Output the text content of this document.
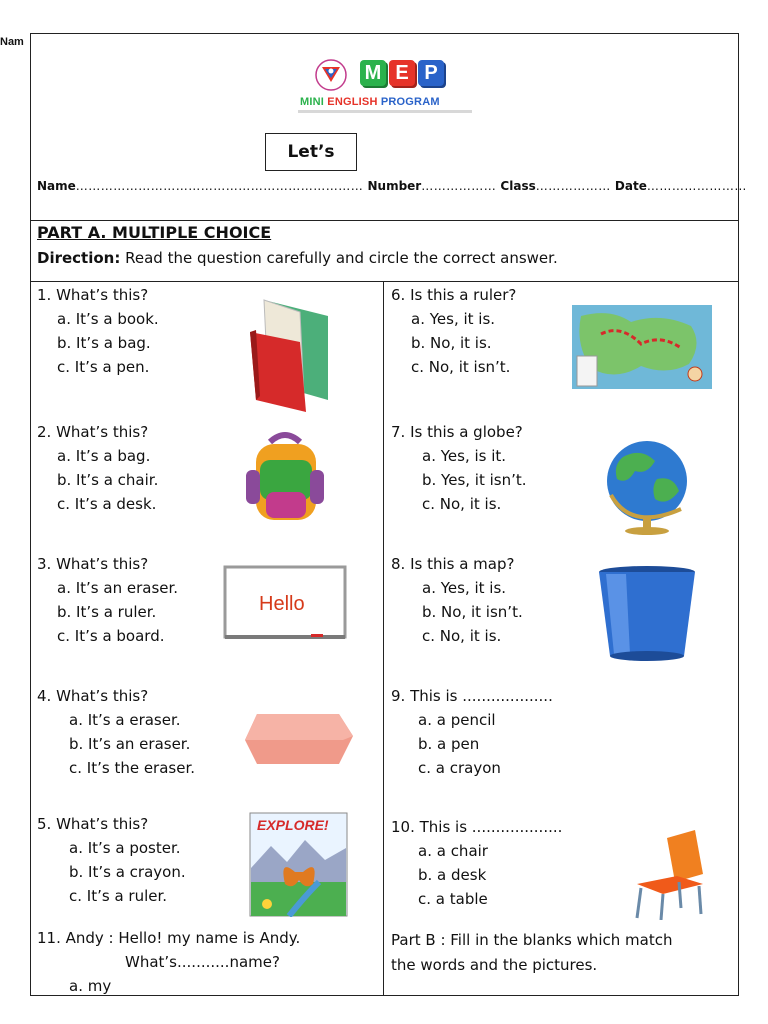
Nam
M E P
MINI ENGLISH PROGRAM
Let’s
Name…………………………………………………………… Number……………… Class……………… Date……………………
PART A. MULTIPLE CHOICE
Direction: Read the question carefully and circle the correct answer.
1. What’s this?
a. It’s a book.
b. It’s a bag.
c. It’s a pen.
2. What’s this?
a. It’s a bag.
b. It’s a chair.
c. It’s a desk.
3. What’s this?
a. It’s an eraser.
b. It’s a ruler.
c. It’s a board.
4. What’s this?
a. It’s a eraser.
b. It’s an eraser.
c. It’s the eraser.
5. What’s this?
a. It’s a poster.
b. It’s a crayon.
c. It’s a ruler.
11. Andy : Hello! my name is Andy.
What’s...........name?
a. my
6. Is this a ruler?
a. Yes, it is.
b. No, it is.
c. No, it isn’t.
7. Is this a globe?
a. Yes, is it.
b. Yes, it isn’t.
c. No, it is.
8. Is this a map?
a. Yes, it is.
b. No, it isn’t.
c. No, it is.
9. This is ...................
a. a pencil
b. a pen
c. a crayon
10. This is ...................
a. a chair
b. a desk
c. a table
Part B : Fill in the blanks which match
the words and the pictures.
Hello
EXPLORE!
